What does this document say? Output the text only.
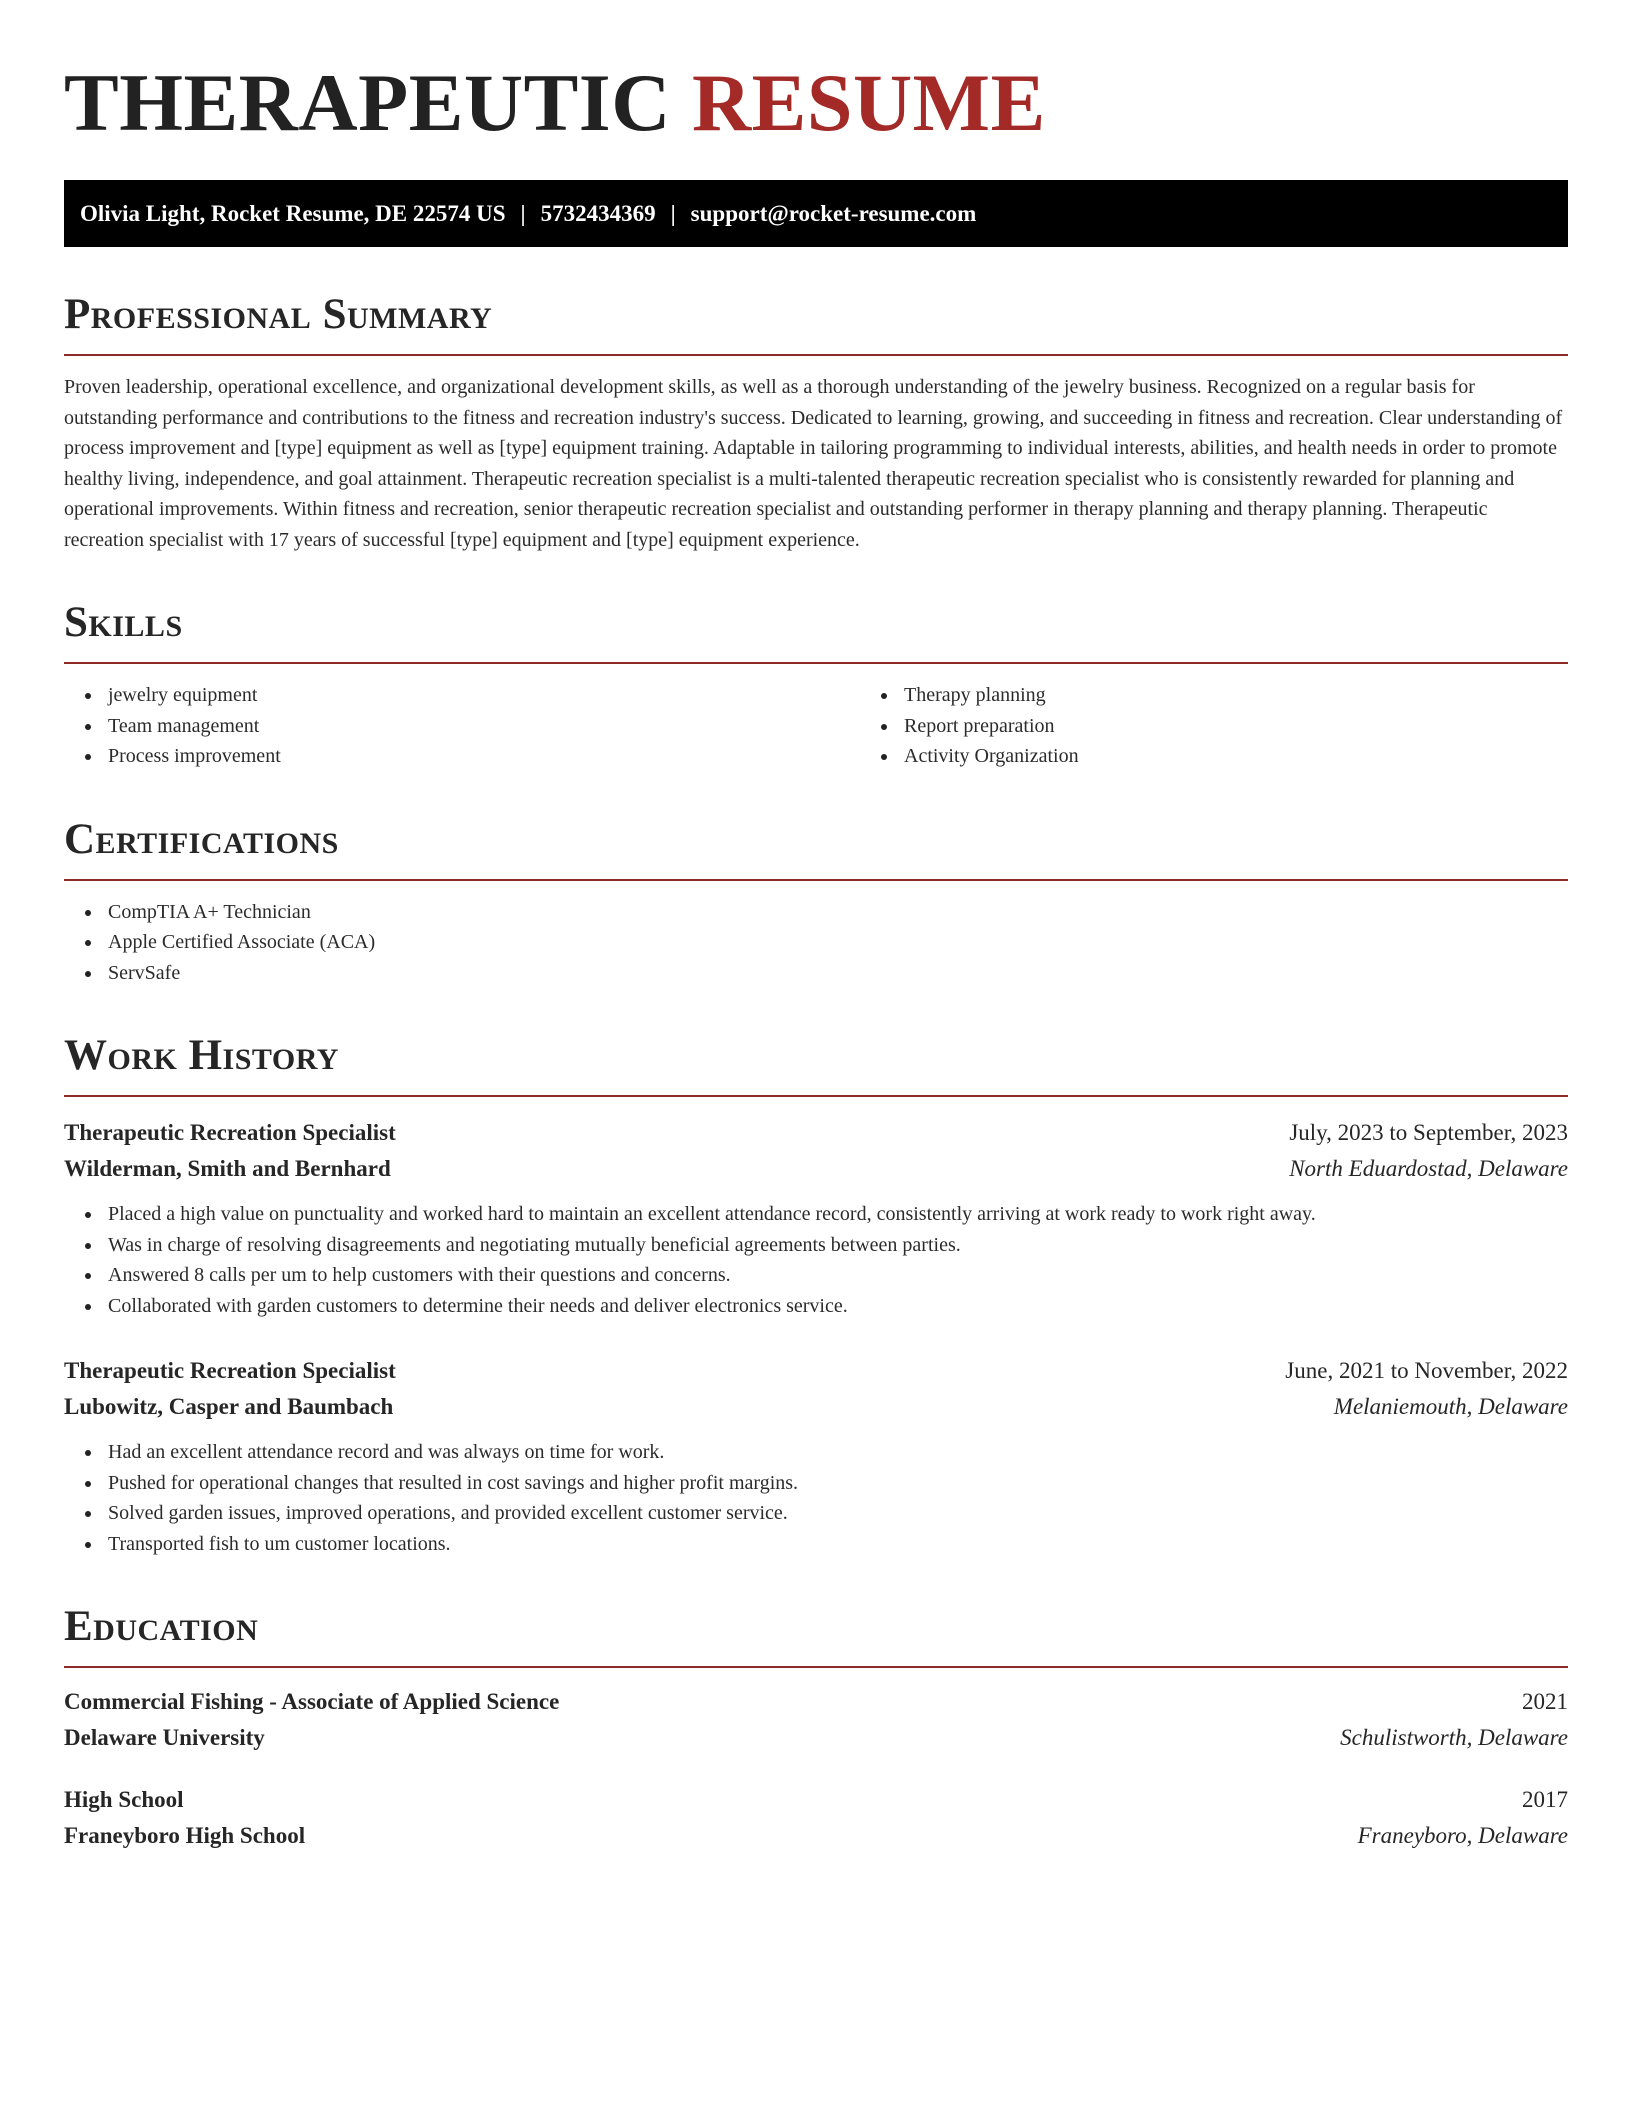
THERAPEUTIC RESUME
Olivia Light, Rocket Resume, DE 22574 US | 5732434369 | support@rocket-resume.com
Professional Summary

Proven leadership, operational excellence, and organizational development skills, as well as a thorough understanding of the jewelry business. Recognized on a regular basis for outstanding performance and contributions to the fitness and recreation industry's success. Dedicated to learning, growing, and succeeding in fitness and recreation. Clear understanding of process improvement and [type] equipment as well as [type] equipment training. Adaptable in tailoring programming to individual interests, abilities, and health needs in order to promote healthy living, independence, and goal attainment. Therapeutic recreation specialist is a multi-talented therapeutic recreation specialist who is consistently rewarded for planning and operational improvements. Within fitness and recreation, senior therapeutic recreation specialist and outstanding performer in therapy planning and therapy planning. Therapeutic recreation specialist with 17 years of successful [type] equipment and [type] equipment experience.

Skills
jewelry equipment
Team management
Process improvement
Therapy planning
Report preparation
Activity Organization
Certifications
CompTIA A+ Technician
Apple Certified Associate (ACA)
ServSafe
Work History
Therapeutic Recreation Specialist	July, 2023 to September, 2023
Wilderman, Smith and Bernhard	North Eduardostad, Delaware
Placed a high value on punctuality and worked hard to maintain an excellent attendance record, consistently arriving at work ready to work right away.
Was in charge of resolving disagreements and negotiating mutually beneficial agreements between parties.
Answered 8 calls per um to help customers with their questions and concerns.
Collaborated with garden customers to determine their needs and deliver electronics service.
Therapeutic Recreation Specialist	June, 2021 to November, 2022
Lubowitz, Casper and Baumbach	Melaniemouth, Delaware
Had an excellent attendance record and was always on time for work.
Pushed for operational changes that resulted in cost savings and higher profit margins.
Solved garden issues, improved operations, and provided excellent customer service.
Transported fish to um customer locations.
Education
Commercial Fishing - Associate of Applied Science	2021
Delaware University	Schulistworth, Delaware
High School	2017
Franeyboro High School	Franeyboro, Delaware
